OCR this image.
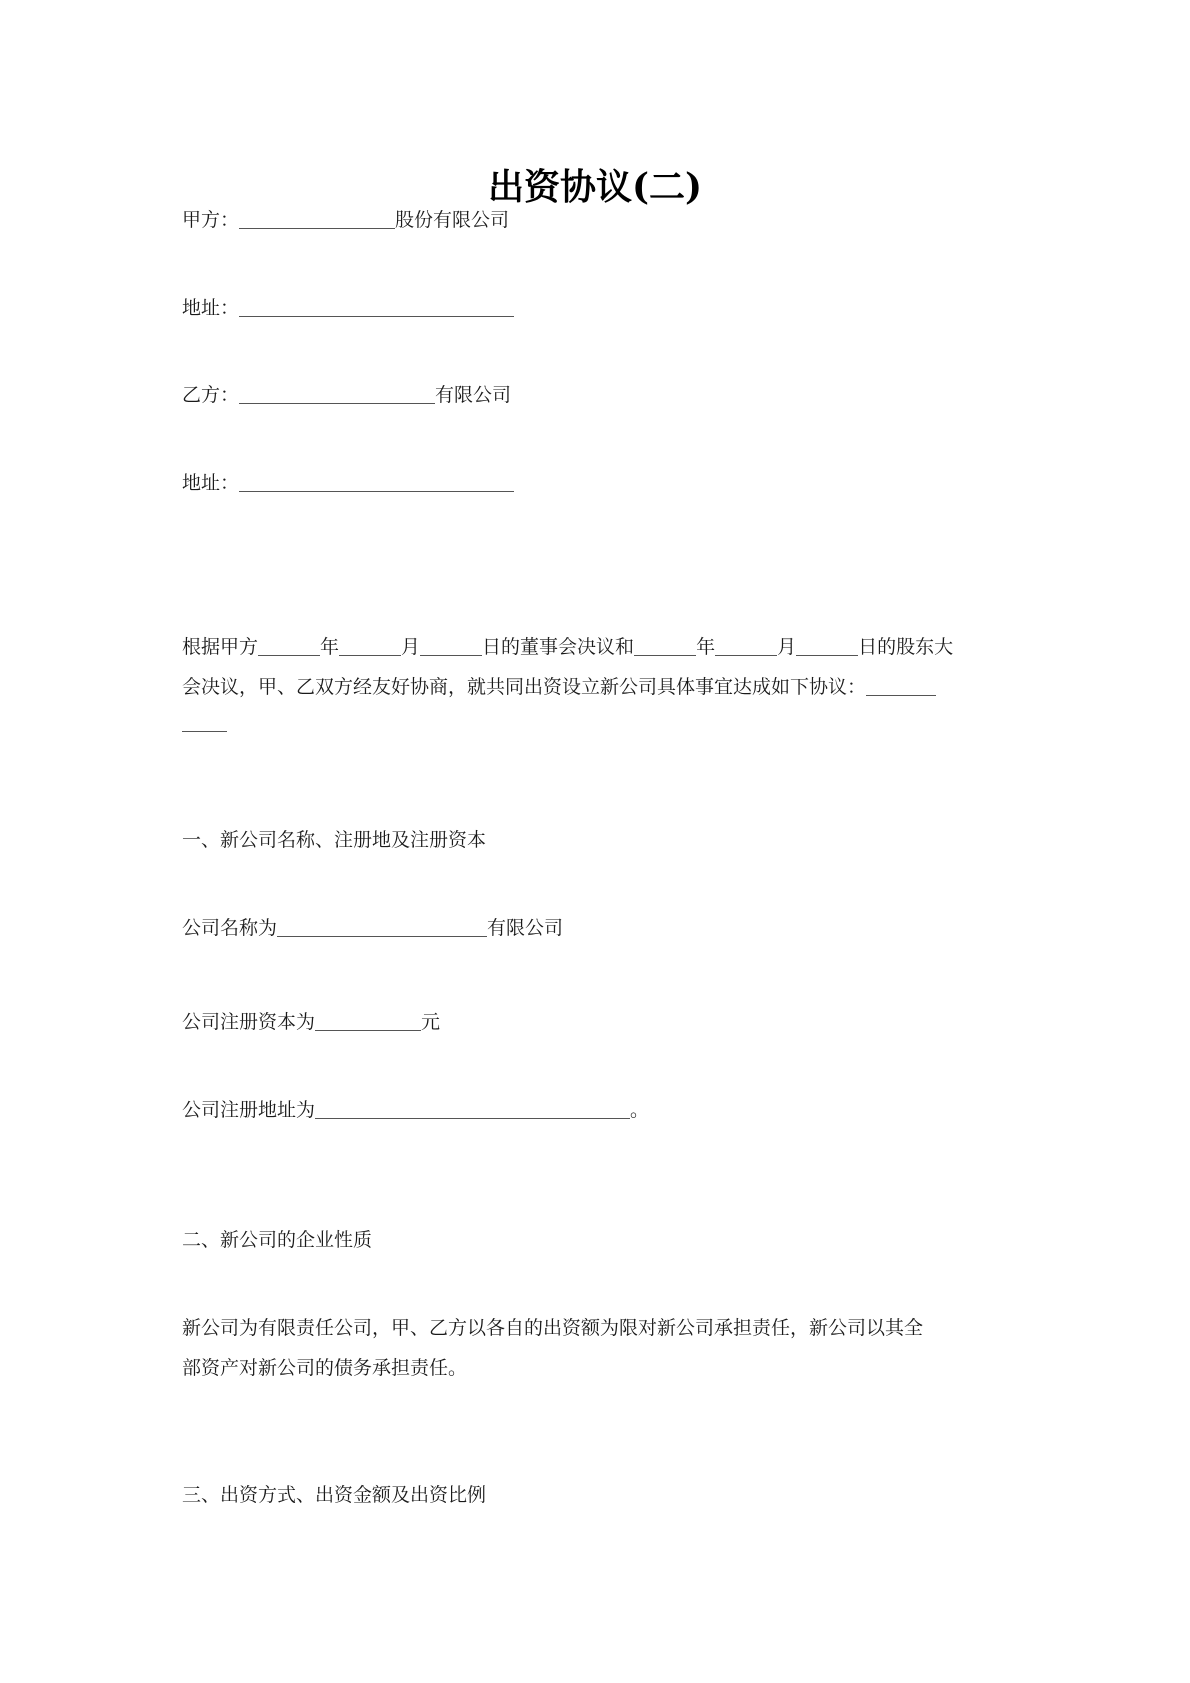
出资协议(二)
甲方：	股份有限公司
地址：
乙方：	有限公司
地址：
根据甲方	年	月	日的董事会决议和	年	月	日的股东大
会决议，甲、乙双方经友好协商，就共同出资设立新公司具体事宜达成如下协议：
一、新公司名称、注册地及注册资本
公司名称为	有限公司
公司注册资本为	元
公司注册地址为	。
二、新公司的企业性质
新公司为有限责任公司，甲、乙方以各自的出资额为限对新公司承担责任，新公司以其全
部资产对新公司的债务承担责任。
三、出资方式、出资金额及出资比例
